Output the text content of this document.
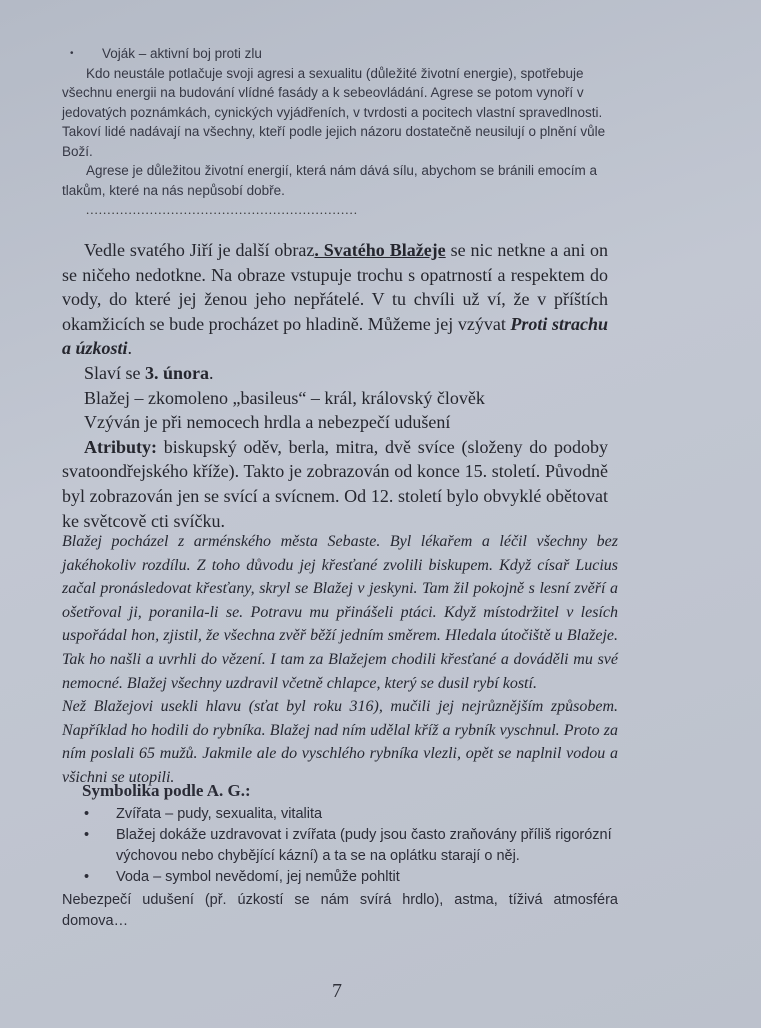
• Voják – aktivní boj proti zlu

Kdo neustále potlačuje svoji agresi a sexualitu (důležité životní energie), spotřebuje všechnu energii na budování vlídné fasády a k sebeovládání. Agrese se potom vynoří v jedovatých poznámkách, cynických vyjádřeních, v tvrdosti a pocitech vlastní spravedlnosti. Takoví lidé nadávají na všechny, kteří podle jejich názoru dostatečně neusilují o plnění vůle Boží.

Agrese je důležitou životní energií, která nám dává sílu, abychom se bránili emocím a tlakům, které na nás nepůsobí dobře.

................................................................

Vedle svatého Jiří je další obraz. Svatého Blažeje se nic netkne a ani on se ničeho nedotkne. Na obraze vstupuje trochu s opatrností a respektem do vody, do které jej ženou jeho nepřátelé. V tu chvíli už ví, že v příštích okamžicích se bude procházet po hladině. Můžeme jej vzývat Proti strachu a úzkosti.

Slaví se 3. února.

Blažej – zkomoleno „basileus“ – král, královský člověk

Vzýván je při nemocech hrdla a nebezpečí udušení

Atributy: biskupský oděv, berla, mitra, dvě svíce (složeny do podoby svatoondřejského kříže). Takto je zobrazován od konce 15. století. Původně byl zobrazován jen se svící a svícnem. Od 12. století bylo obvyklé obětovat ke světcově cti svíčku.

Blažej pocházel z arménského města Sebaste. Byl lékařem a léčil všechny bez jakéhokoliv rozdílu. Z toho důvodu jej křesťané zvolili biskupem. Když císař Lucius začal pronásledovat křesťany, skryl se Blažej v jeskyni. Tam žil pokojně s lesní zvěří a ošetřoval ji, poranila-li se. Potravu mu přinášeli ptáci. Když místodržitel v lesích uspořádal hon, zjistil, že všechna zvěř běží jedním směrem. Hledala útočiště u Blažeje. Tak ho našli a uvrhli do vězení. I tam za Blažejem chodili křesťané a dováděli mu své nemocné. Blažej všechny uzdravil včetně chlapce, který se dusil rybí kostí.

Než Blažejovi usekli hlavu (sťat byl roku 316), mučili jej nejrůznějším způsobem. Například ho hodili do rybníka. Blažej nad ním udělal kříž a rybník vyschnul. Proto za ním poslali 65 mužů. Jakmile ale do vyschlého rybníka vlezli, opět se naplnil vodou a všichni se utopili.

Symbolika podle A. G.:

• Zvířata – pudy, sexualita, vitalita

• Blažej dokáže uzdravovat i zvířata (pudy jsou často zraňovány příliš rigorózní výchovou nebo chybějící kázní) a ta se na oplátku starají o něj.

• Voda – symbol nevědomí, jej nemůže pohltit

Nebezpečí udušení (př. úzkostí se nám svírá hrdlo), astma, tíživá atmosféra domova…

7
